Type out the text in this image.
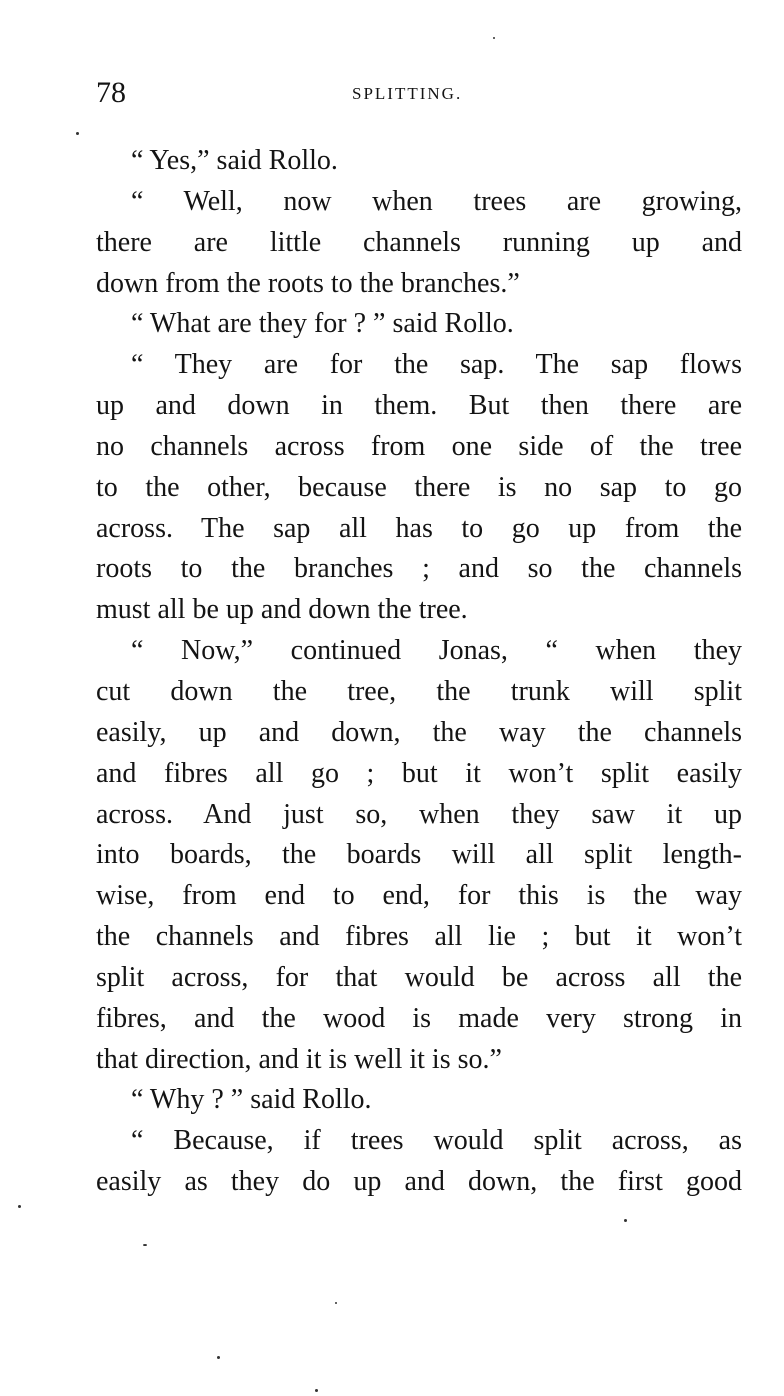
78	SPLITTING.
“ Yes,” said Rollo.
“ Well, now when trees are growing,
there are little channels running up and
down from the roots to the branches.”
“ What are they for ? ” said Rollo.
“ They are for the sap. The sap flows
up and down in them. But then there are
no channels across from one side of the tree
to the other, because there is no sap to go
across. The sap all has to go up from the
roots to the branches ; and so the channels
must all be up and down the tree.
“ Now,” continued Jonas, “ when they
cut down the tree, the trunk will split
easily, up and down, the way the channels
and fibres all go ; but it won’t split easily
across. And just so, when they saw it up
into boards, the boards will all split length-
wise, from end to end, for this is the way
the channels and fibres all lie ; but it won’t
split across, for that would be across all the
fibres, and the wood is made very strong in
that direction, and it is well it is so.”
“ Why ? ” said Rollo.
“ Because, if trees would split across, as
easily as they do up and down, the first good
